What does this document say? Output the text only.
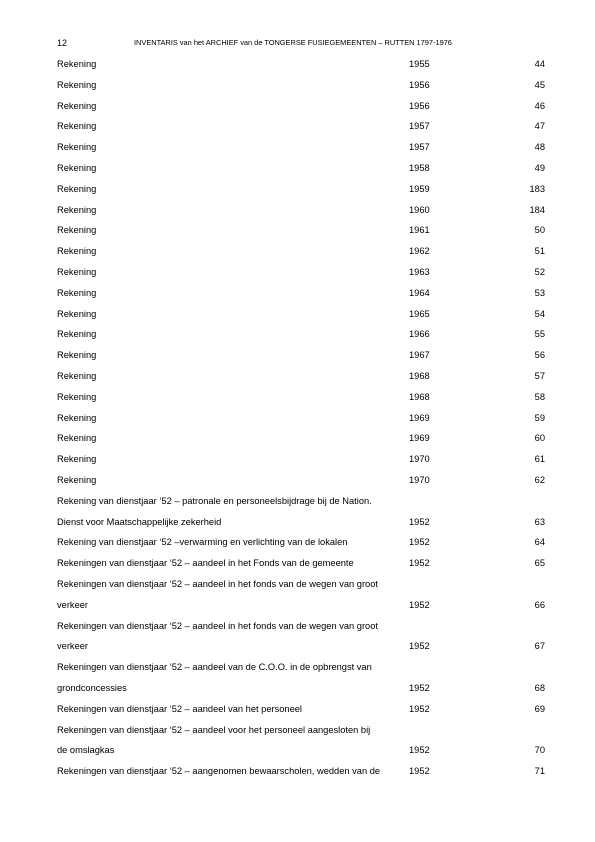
12	INVENTARIS van het ARCHIEF van de TONGERSE FUSIEGEMEENTEN – RUTTEN 1797-1976
Rekening	1955	44
Rekening	1956	45
Rekening	1956	46
Rekening	1957	47
Rekening	1957	48
Rekening	1958	49
Rekening	1959	183
Rekening	1960	184
Rekening	1961	50
Rekening	1962	51
Rekening	1963	52
Rekening	1964	53
Rekening	1965	54
Rekening	1966	55
Rekening	1967	56
Rekening	1968	57
Rekening	1968	58
Rekening	1969	59
Rekening	1969	60
Rekening	1970	61
Rekening	1970	62
Rekening van dienstjaar ‘52 – patronale en personeelsbijdrage bij de Nation.
Dienst voor Maatschappelijke zekerheid	1952	63
Rekening van dienstjaar ‘52 –verwarming en verlichting van de lokalen	1952	64
Rekeningen van dienstjaar ‘52 – aandeel in het Fonds van de gemeente	1952	65
Rekeningen van dienstjaar ‘52 – aandeel in het fonds van de wegen van groot
verkeer	1952	66
Rekeningen van dienstjaar ‘52 – aandeel in het fonds van de wegen van groot
verkeer	1952	67
Rekeningen van dienstjaar ‘52 – aandeel van de C.O.O. in de opbrengst van
grondconcessies	1952	68
Rekeningen van dienstjaar ‘52 – aandeel van het personeel	1952	69
Rekeningen van dienstjaar ‘52 – aandeel voor het personeel aangesloten bij
de omslagkas	1952	70
Rekeningen van dienstjaar ‘52 – aangenomen bewaarscholen, wedden van de	1952	71
